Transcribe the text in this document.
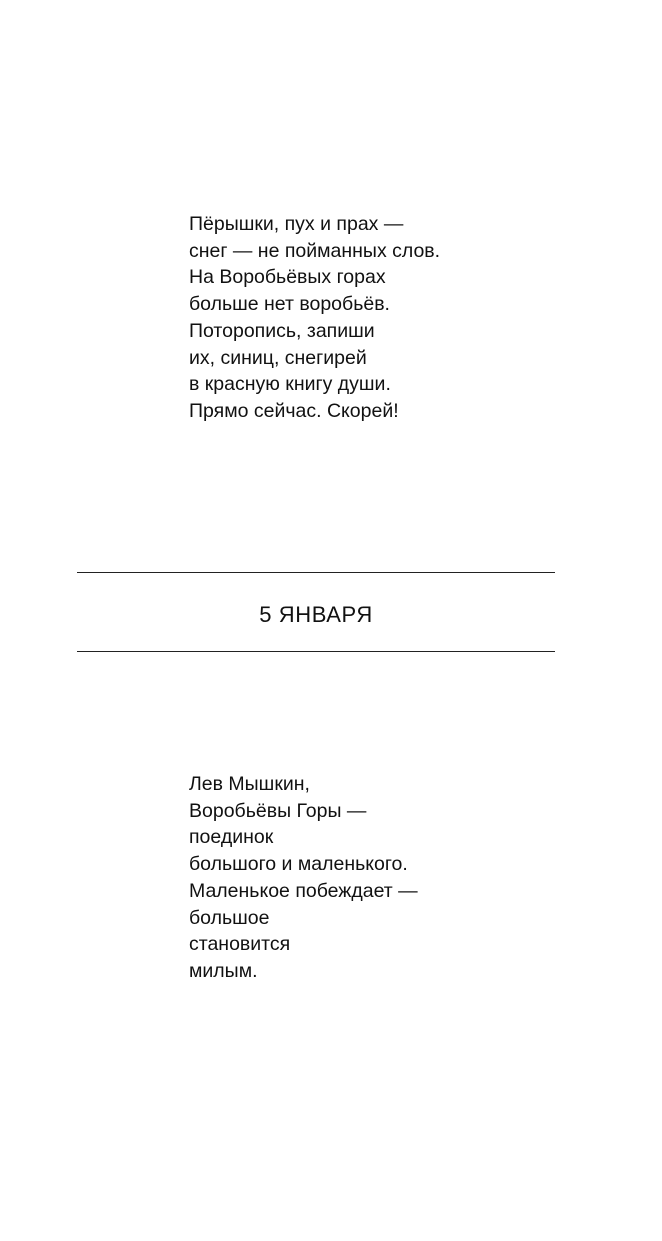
Пёрышки, пух и прах —
снег — не пойманных слов.
На Воробьёвых горах
больше нет воробьёв.
Поторопись, запиши
их, синиц, снегирей
в красную книгу души.
Прямо сейчас. Скорей!
5 ЯНВАРЯ
Лев Мышкин,
Воробьёвы Горы —
поединок
большого и маленького.
Маленькое побеждает —
большое
становится
милым.
